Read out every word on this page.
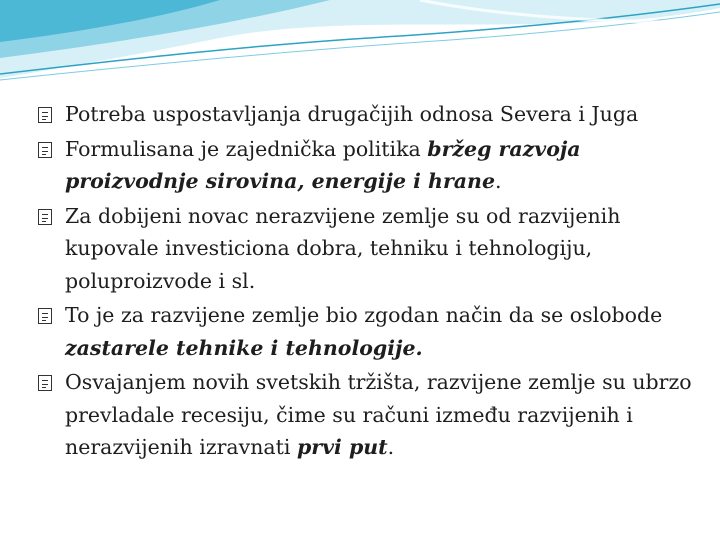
Potreba uspostavljanja drugačijih odnosa Severa i Juga

Formulisana je zajednička politika bržeg razvoja proizvodnje sirovina, energije i hrane.

Za dobijeni novac nerazvijene zemlje su od razvijenih kupovale investiciona dobra, tehniku i tehnologiju, poluproizvode i sl.

To je za razvijene zemlje bio zgodan način da se oslobode zastarele tehnike i tehnologije.

Osvajanjem novih svetskih tržišta, razvijene zemlje su ubrzo prevladale recesiju, čime su računi između razvijenih i nerazvijenih izravnati prvi put.
